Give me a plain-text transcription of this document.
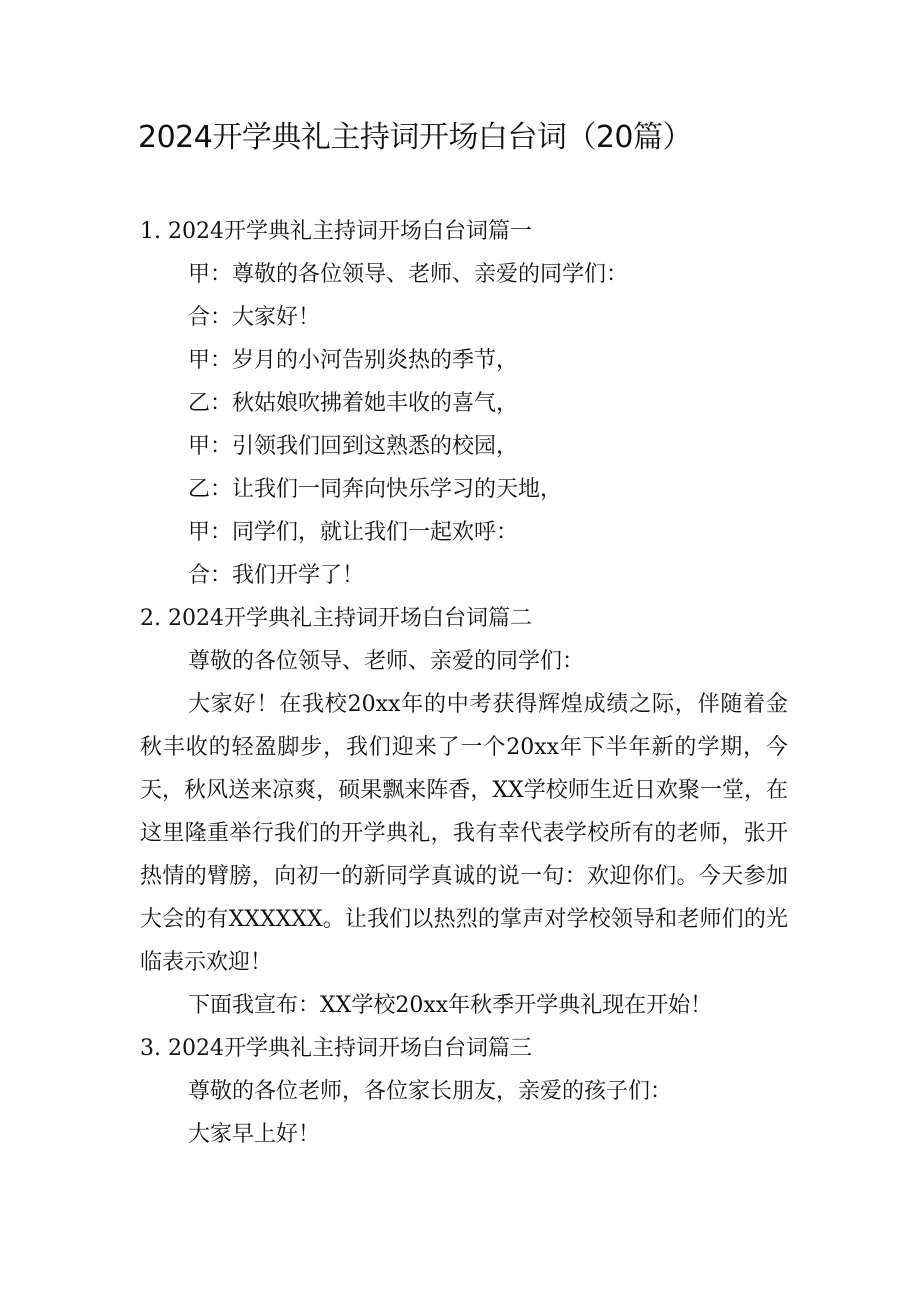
2024开学典礼主持词开场白台词（20篇）
1. 2024开学典礼主持词开场白台词篇一
甲：尊敬的各位领导、老师、亲爱的同学们：
合：大家好！
甲：岁月的小河告别炎热的季节，
乙：秋姑娘吹拂着她丰收的喜气，
甲：引领我们回到这熟悉的校园，
乙：让我们一同奔向快乐学习的天地，
甲：同学们，就让我们一起欢呼：
合：我们开学了！
2. 2024开学典礼主持词开场白台词篇二
尊敬的各位领导、老师、亲爱的同学们：
大家好！在我校20xx年的中考获得辉煌成绩之际，伴随着金秋丰收的轻盈脚步，我们迎来了一个20xx年下半年新的学期，今天，秋风送来凉爽，硕果飘来阵香，XX学校师生近日欢聚一堂，在这里隆重举行我们的开学典礼，我有幸代表学校所有的老师，张开热情的臂膀，向初一的新同学真诚的说一句：欢迎你们。今天参加大会的有XXXXXX。让我们以热烈的掌声对学校领导和老师们的光临表示欢迎！
下面我宣布：XX学校20xx年秋季开学典礼现在开始！
3. 2024开学典礼主持词开场白台词篇三
尊敬的各位老师，各位家长朋友，亲爱的孩子们：
大家早上好！
